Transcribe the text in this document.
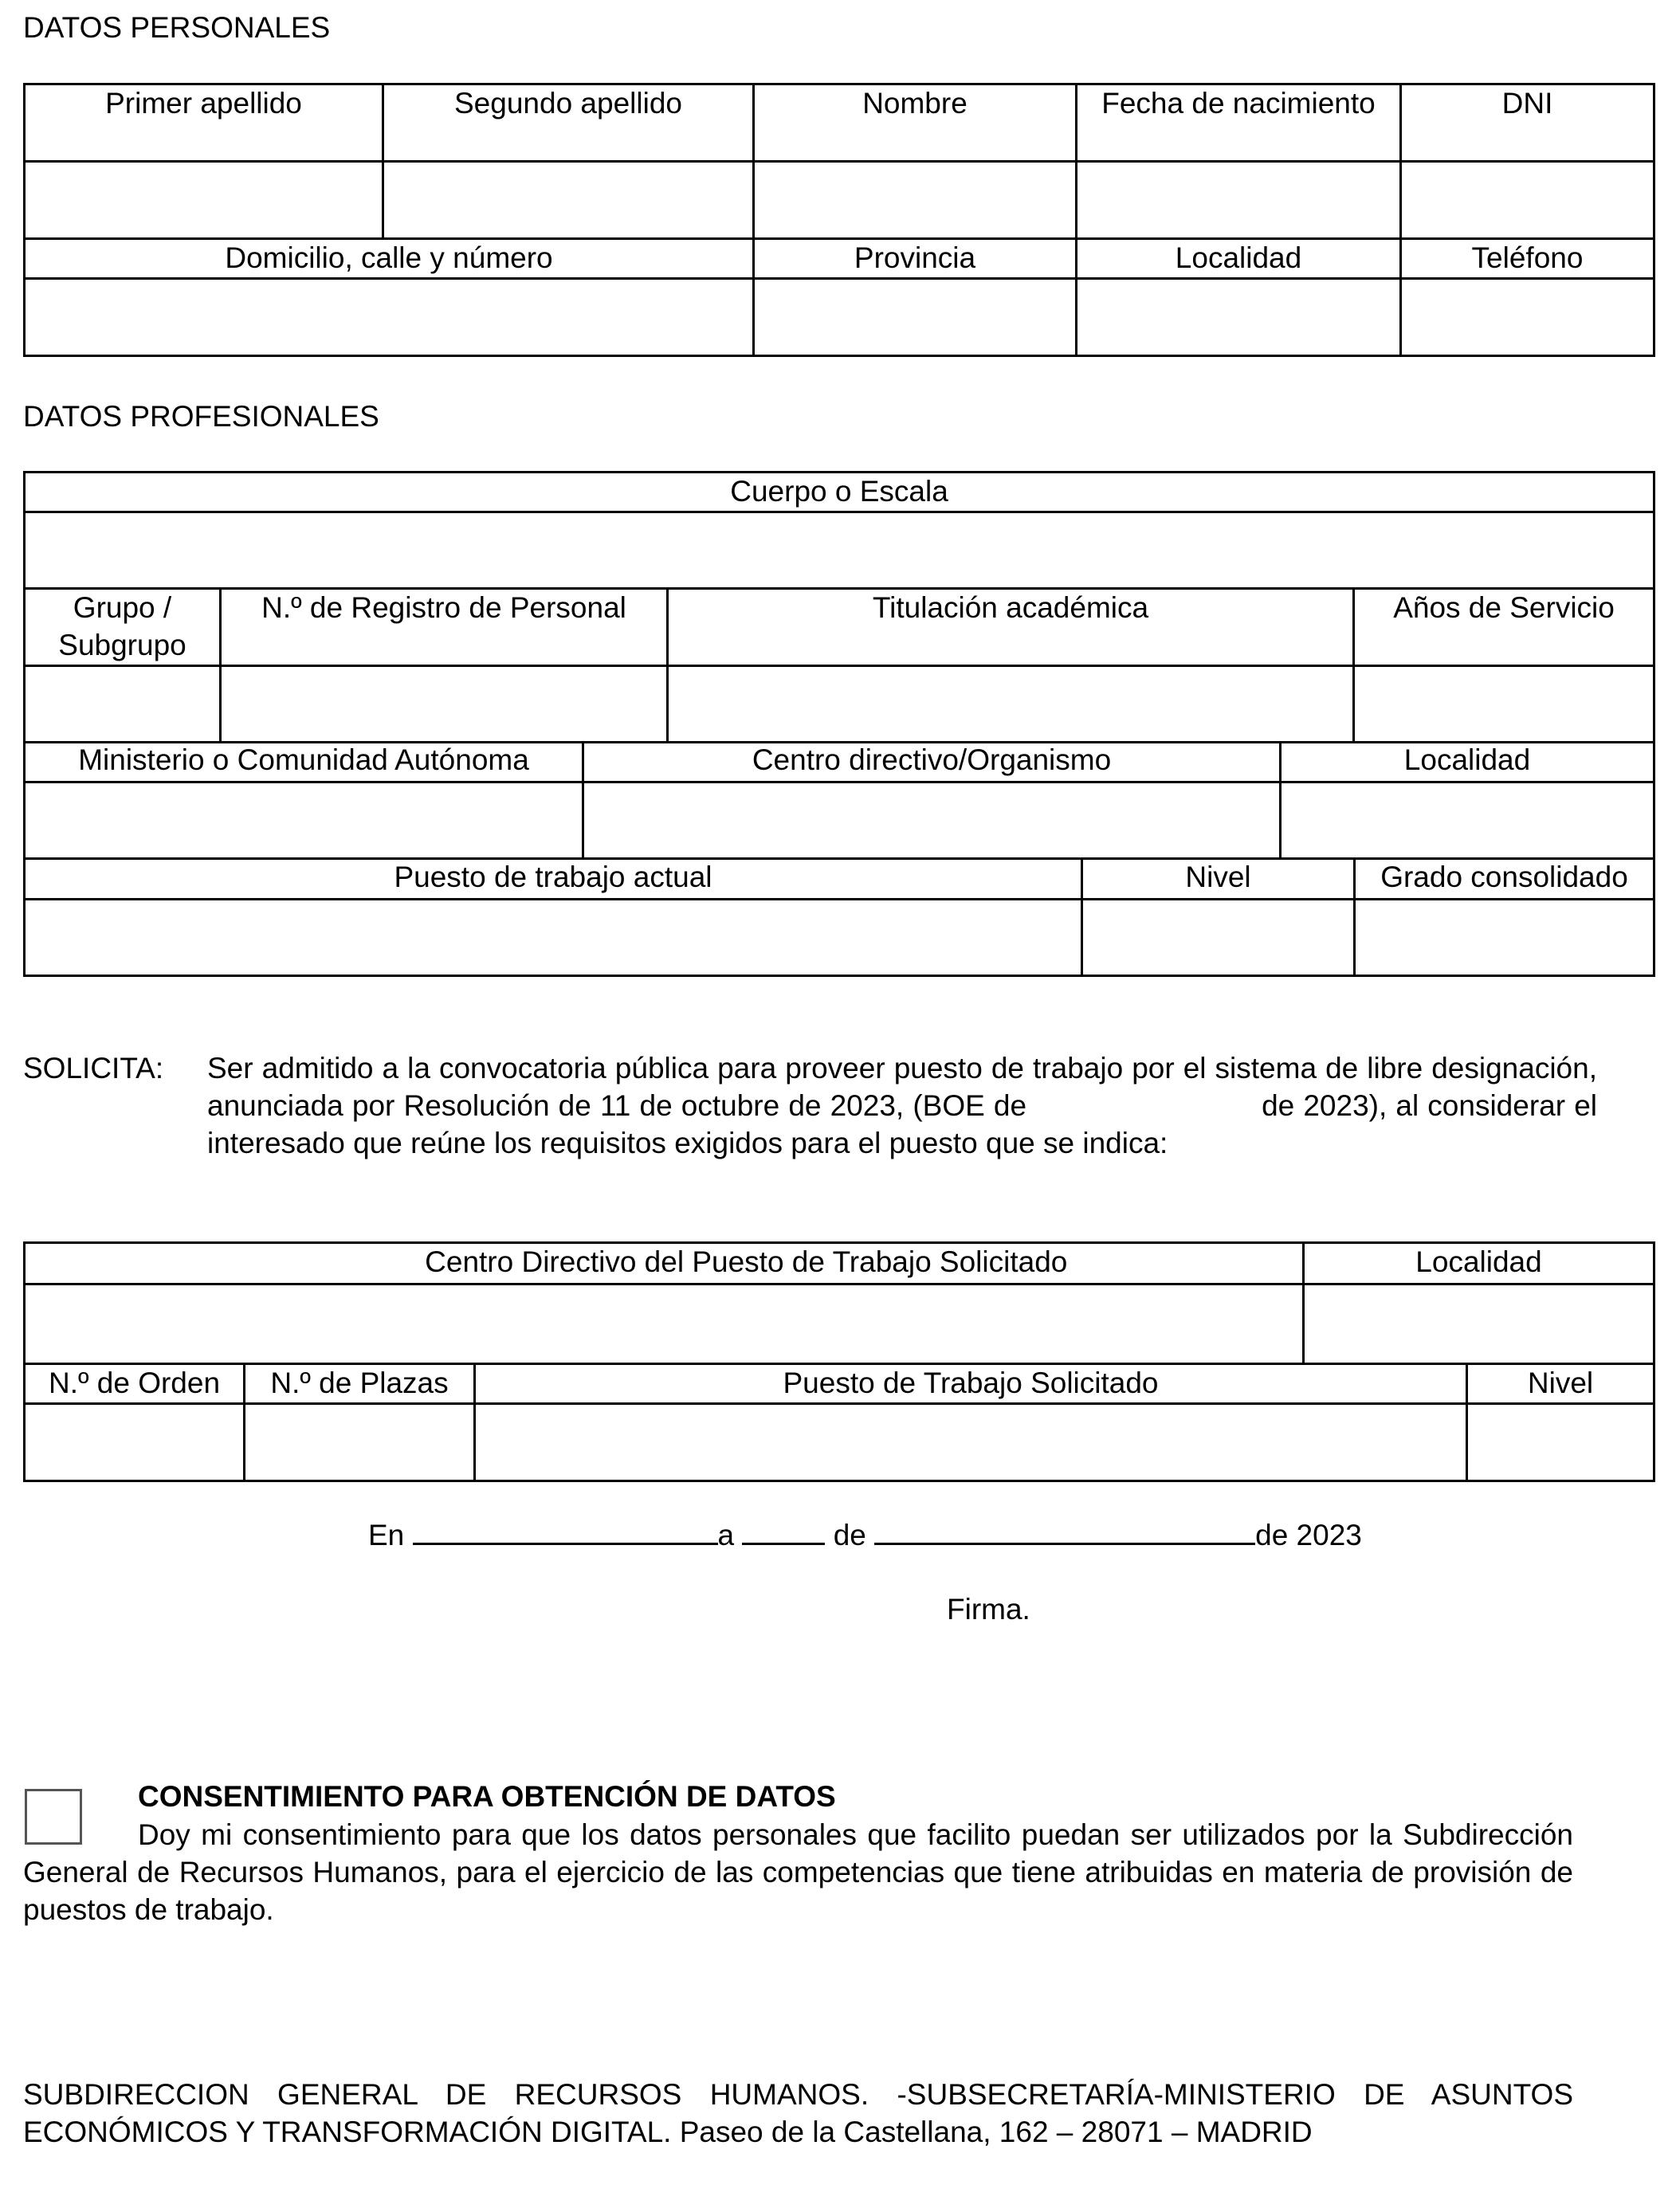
DATOS PERSONALES

Primer apellido	Segundo apellido	Nombre	Fecha de nacimiento	DNI

Domicilio, calle y número		Provincia	Localidad	Teléfono

DATOS PROFESIONALES

Cuerpo o Escala			

Grupo / Subgrupo	N.º de Registro de Personal	Titulación académica	Años de Servicio

Ministerio o Comunidad Autónoma	Centro directivo/Organismo	Localidad

Puesto de trabajo actual	Nivel	Grado consolidado

SOLICITA: Ser admitido a la convocatoria pública para proveer puesto de trabajo por el sistema de libre designación, anunciada por Resolución de 11 de octubre de 2023, (BOE de	de 2023), al considerar el interesado que reúne los requisitos exigidos para el puesto que se indica:

Centro Directivo del Puesto de Trabajo Solicitado			Localidad

N.º de Orden	N.º de Plazas	Puesto de Trabajo Solicitado	Nivel

En	a	de	de 2023
Firma.
CONSENTIMIENTO PARA OBTENCIÓN DE DATOS

Doy mi consentimiento para que los datos personales que facilito puedan ser utilizados por la Subdirección General de Recursos Humanos, para el ejercicio de las competencias que tiene atribuidas en materia de provisión de puestos de trabajo.

SUBDIRECCION GENERAL DE RECURSOS HUMANOS. -SUBSECRETARÍA-MINISTERIO DE ASUNTOS ECONÓMICOS Y TRANSFORMACIÓN DIGITAL. Paseo de la Castellana, 162 – 28071 – MADRID
